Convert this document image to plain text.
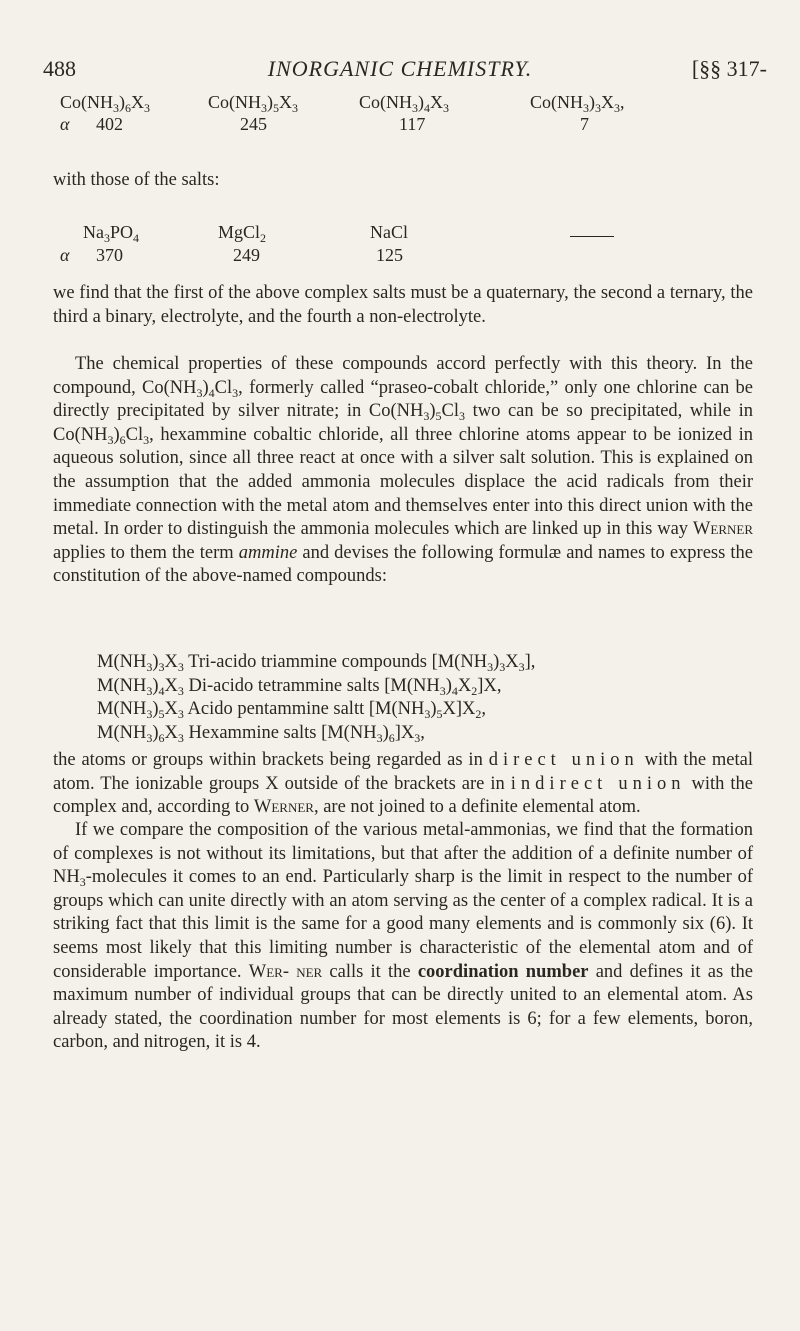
488	INORGANIC CHEMISTRY.	[§§ 317-
$Co(NH_3)_6X_3$	$Co(NH_3)_5X_3$	$Co(NH_3)_4X_3$	$Co(NH_3)_3X_3$,
α 402	245	117	7
with those of the salts:
$Na_3PO_4$	MgCl$_2$	NaCl
α 370	249	125
we find that the first of the above complex salts must be a quaternary, the second a ternary, the third a binary, electrolyte, and the fourth a non-electrolyte.
The chemical properties of these compounds accord perfectly with this theory. In the compound, $Co(NH_3)_4Cl_3$, formerly called “praseo-cobalt chloride,” only one chlorine can be directly precipitated by silver nitrate; in $Co(NH_3)_5Cl_3$ two can be so precipitated, while in $Co(NH_3)_6Cl_3$, hexammine cobaltic chloride, all three chlorine atoms appear to be ionized in aqueous solution, since all three react at once with a silver salt solution. This is explained on the assumption that the added ammonia molecules displace the acid radicals from their immediate connection with the metal atom and themselves enter into this direct union with the metal. In order to distinguish the ammonia molecules which are linked up in this way Werner applies to them the term ammine and devises the following formulæ and names to express the constitution of the above-named compounds:
$M(NH_3)_3X_3$ Tri-acido triammine compounds $[M(NH_3)_3X_3]$,
$M(NH_3)_4X_3$ Di-acido tetrammine salts $[M(NH_3)_4X_2]X$,
$M(NH_3)_5X_3$ Acido pentammine saltt $[M(NH_3)_5X]X_2$,
$M(NH_3)_6X_3$ Hexammine salts $[M(NH_3)_6]X_3$,
the atoms or groups within brackets being regarded as in direct union with the metal atom. The ionizable groups X outside of the brackets are in indirect union with the complex and, according to Werner, are not joined to a definite elemental atom.
If we compare the composition of the various metal-ammonias, we find that the formation of complexes is not without its limitations, but that after the addition of a definite number of $NH_3$-molecules it comes to an end. Particularly sharp is the limit in respect to the number of groups which can unite directly with an atom serving as the center of a complex radical. It is a striking fact that this limit is the same for a good many elements and is commonly six (6). It seems most likely that this limiting number is characteristic of the elemental atom and of considerable importance. Wer- ner calls it the coordination number and defines it as the maximum number of individual groups that can be directly united to an elemental atom. As already stated, the coordination number for most elements is 6; for a few elements, boron, carbon, and nitrogen, it is 4.
